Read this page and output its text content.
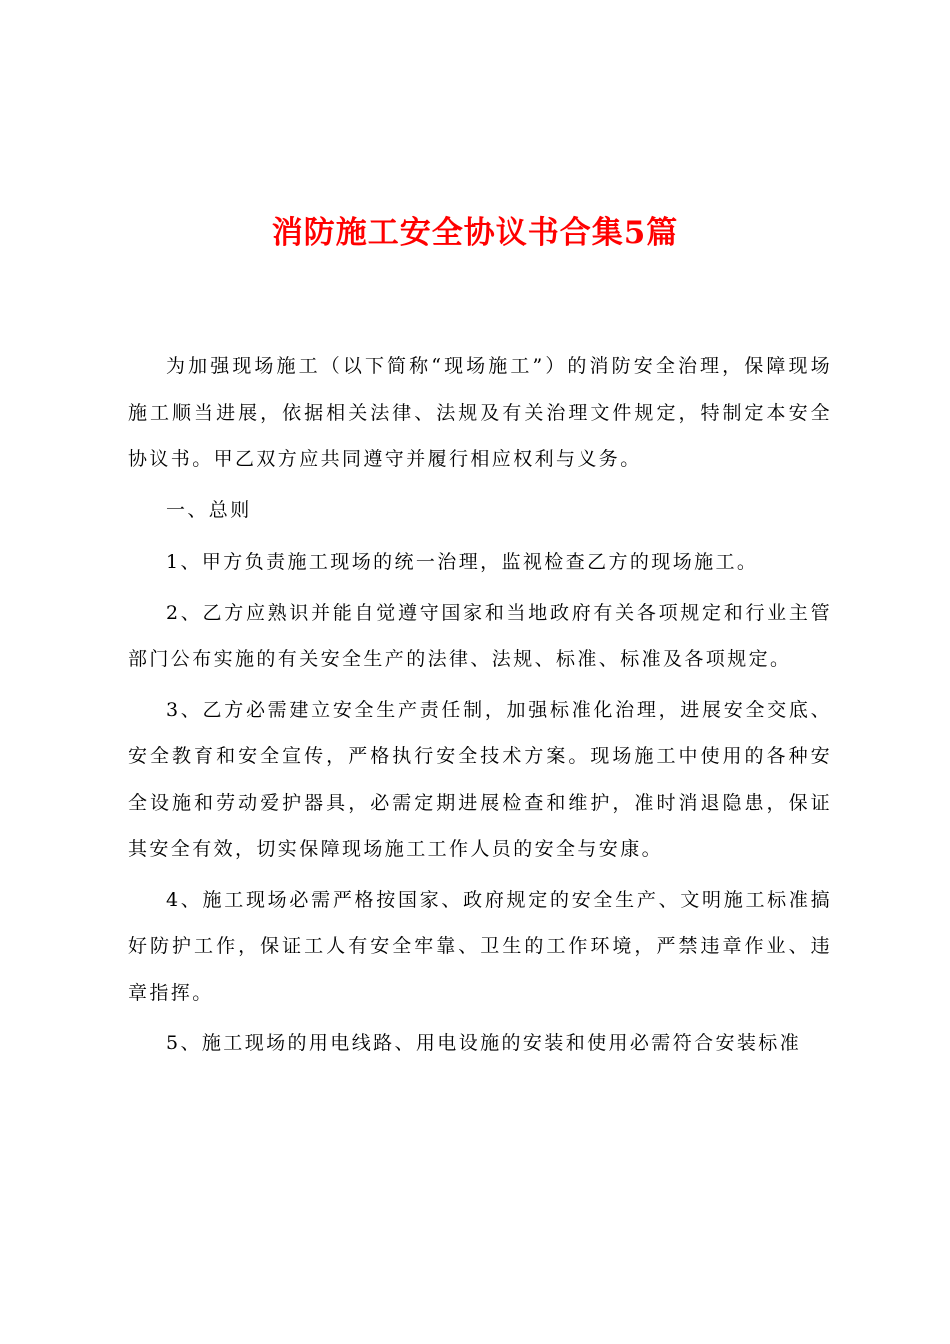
消防施工安全协议书合集5篇

为加强现场施工（以下简称“现场施工”）的消防安全治理，保障现场施工顺当进展，依据相关法律、法规及有关治理文件规定，特制定本安全协议书。甲乙双方应共同遵守并履行相应权利与义务。

一、总则

1、甲方负责施工现场的统一治理，监视检查乙方的现场施工。

2、乙方应熟识并能自觉遵守国家和当地政府有关各项规定和行业主管部门公布实施的有关安全生产的法律、法规、标准、标准及各项规定。

3、乙方必需建立安全生产责任制，加强标准化治理，进展安全交底、安全教育和安全宣传，严格执行安全技术方案。现场施工中使用的各种安全设施和劳动爱护器具，必需定期进展检查和维护，准时消退隐患，保证其安全有效，切实保障现场施工工作人员的安全与安康。

4、施工现场必需严格按国家、政府规定的安全生产、文明施工标准搞好防护工作，保证工人有安全牢靠、卫生的工作环境，严禁违章作业、违章指挥。

5、施工现场的用电线路、用电设施的安装和使用必需符合安装标准
